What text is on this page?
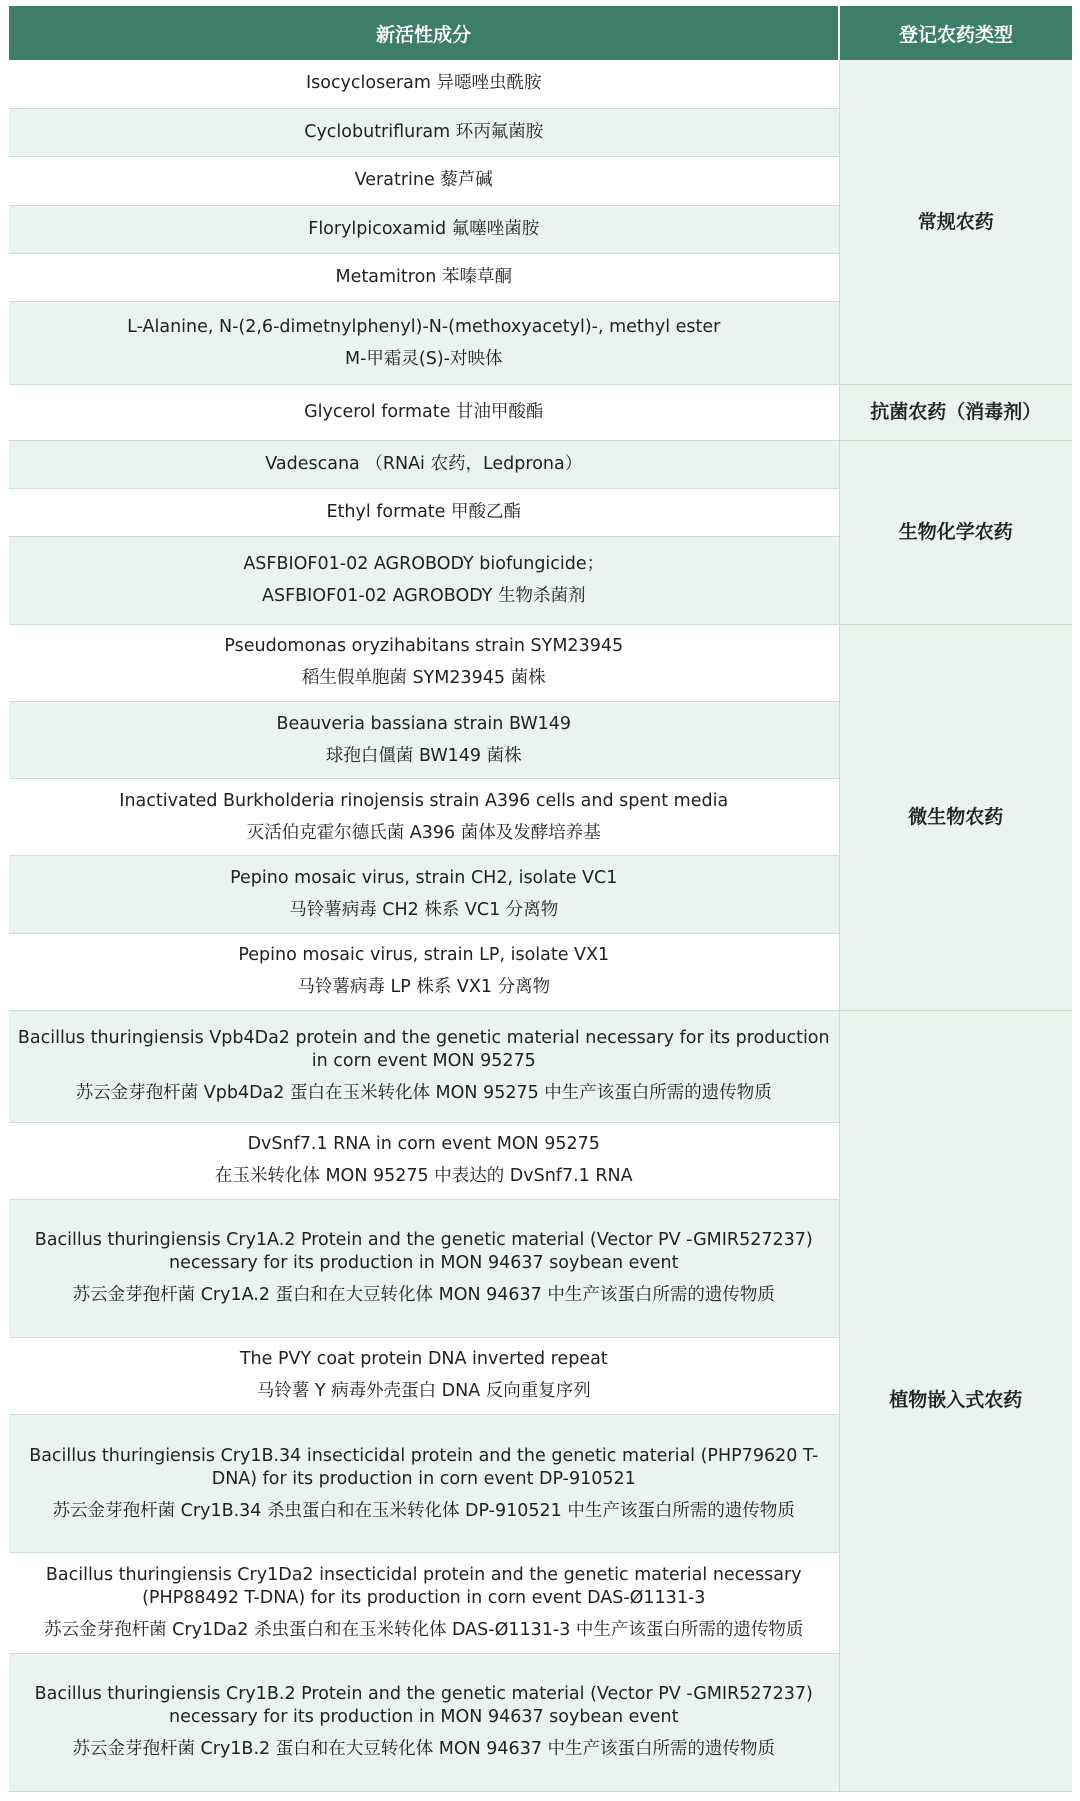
新活性成分	登记农药类型

Isocycloseram 异噁唑虫酰胺	常规农药

Cyclobutrifluram 环丙氟菌胺	

Veratrine 藜芦碱	

Florylpicoxamid 氟噻唑菌胺	

Metamitron 苯嗪草酮	

L-Alanine, N-(2,6-dimetnylphenyl)-N-(methoxyacetyl)-, methyl ester
M-甲霜灵(S)-对映体	

Glycerol formate 甘油甲酸酯	抗菌农药（消毒剂）

Vadescana （RNAi 农药，Ledprona）	生物化学农药

Ethyl formate 甲酸乙酯	

ASFBIOF01-02 AGROBODY biofungicide；
ASFBIOF01-02 AGROBODY 生物杀菌剂	

Pseudomonas oryzihabitans strain SYM23945
稻生假单胞菌 SYM23945 菌株	微生物农药

Beauveria bassiana strain BW149
球孢白僵菌 BW149 菌株	

Inactivated Burkholderia rinojensis strain A396 cells and spent media
灭活伯克霍尔德氏菌 A396 菌体及发酵培养基	

Pepino mosaic virus, strain CH2, isolate VC1
马铃薯病毒 CH2 株系 VC1 分离物	

Pepino mosaic virus, strain LP, isolate VX1
马铃薯病毒 LP 株系 VX1 分离物	

Bacillus thuringiensis Vpb4Da2 protein and the genetic material necessary for its production in corn event MON 95275
苏云金芽孢杆菌 Vpb4Da2 蛋白在玉米转化体 MON 95275 中生产该蛋白所需的遗传物质	植物嵌入式农药

DvSnf7.1 RNA in corn event MON 95275
在玉米转化体 MON 95275 中表达的 DvSnf7.1 RNA	

Bacillus thuringiensis Cry1A.2 Protein and the genetic material (Vector PV -GMIR527237) necessary for its production in MON 94637 soybean event
苏云金芽孢杆菌 Cry1A.2 蛋白和在大豆转化体 MON 94637 中生产该蛋白所需的遗传物质	

The PVY coat protein DNA inverted repeat
马铃薯 Y 病毒外壳蛋白 DNA 反向重复序列	

Bacillus thuringiensis Cry1B.34 insecticidal protein and the genetic material (PHP79620 T-DNA) for its production in corn event DP-910521
苏云金芽孢杆菌 Cry1B.34 杀虫蛋白和在玉米转化体 DP-910521 中生产该蛋白所需的遗传物质	

Bacillus thuringiensis Cry1Da2 insecticidal protein and the genetic material necessary (PHP88492 T-DNA) for its production in corn event DAS-Ø1131-3
苏云金芽孢杆菌 Cry1Da2 杀虫蛋白和在玉米转化体 DAS-Ø1131-3 中生产该蛋白所需的遗传物质	

Bacillus thuringiensis Cry1B.2 Protein and the genetic material (Vector PV -GMIR527237) necessary for its production in MON 94637 soybean event
苏云金芽孢杆菌 Cry1B.2 蛋白和在大豆转化体 MON 94637 中生产该蛋白所需的遗传物质	
